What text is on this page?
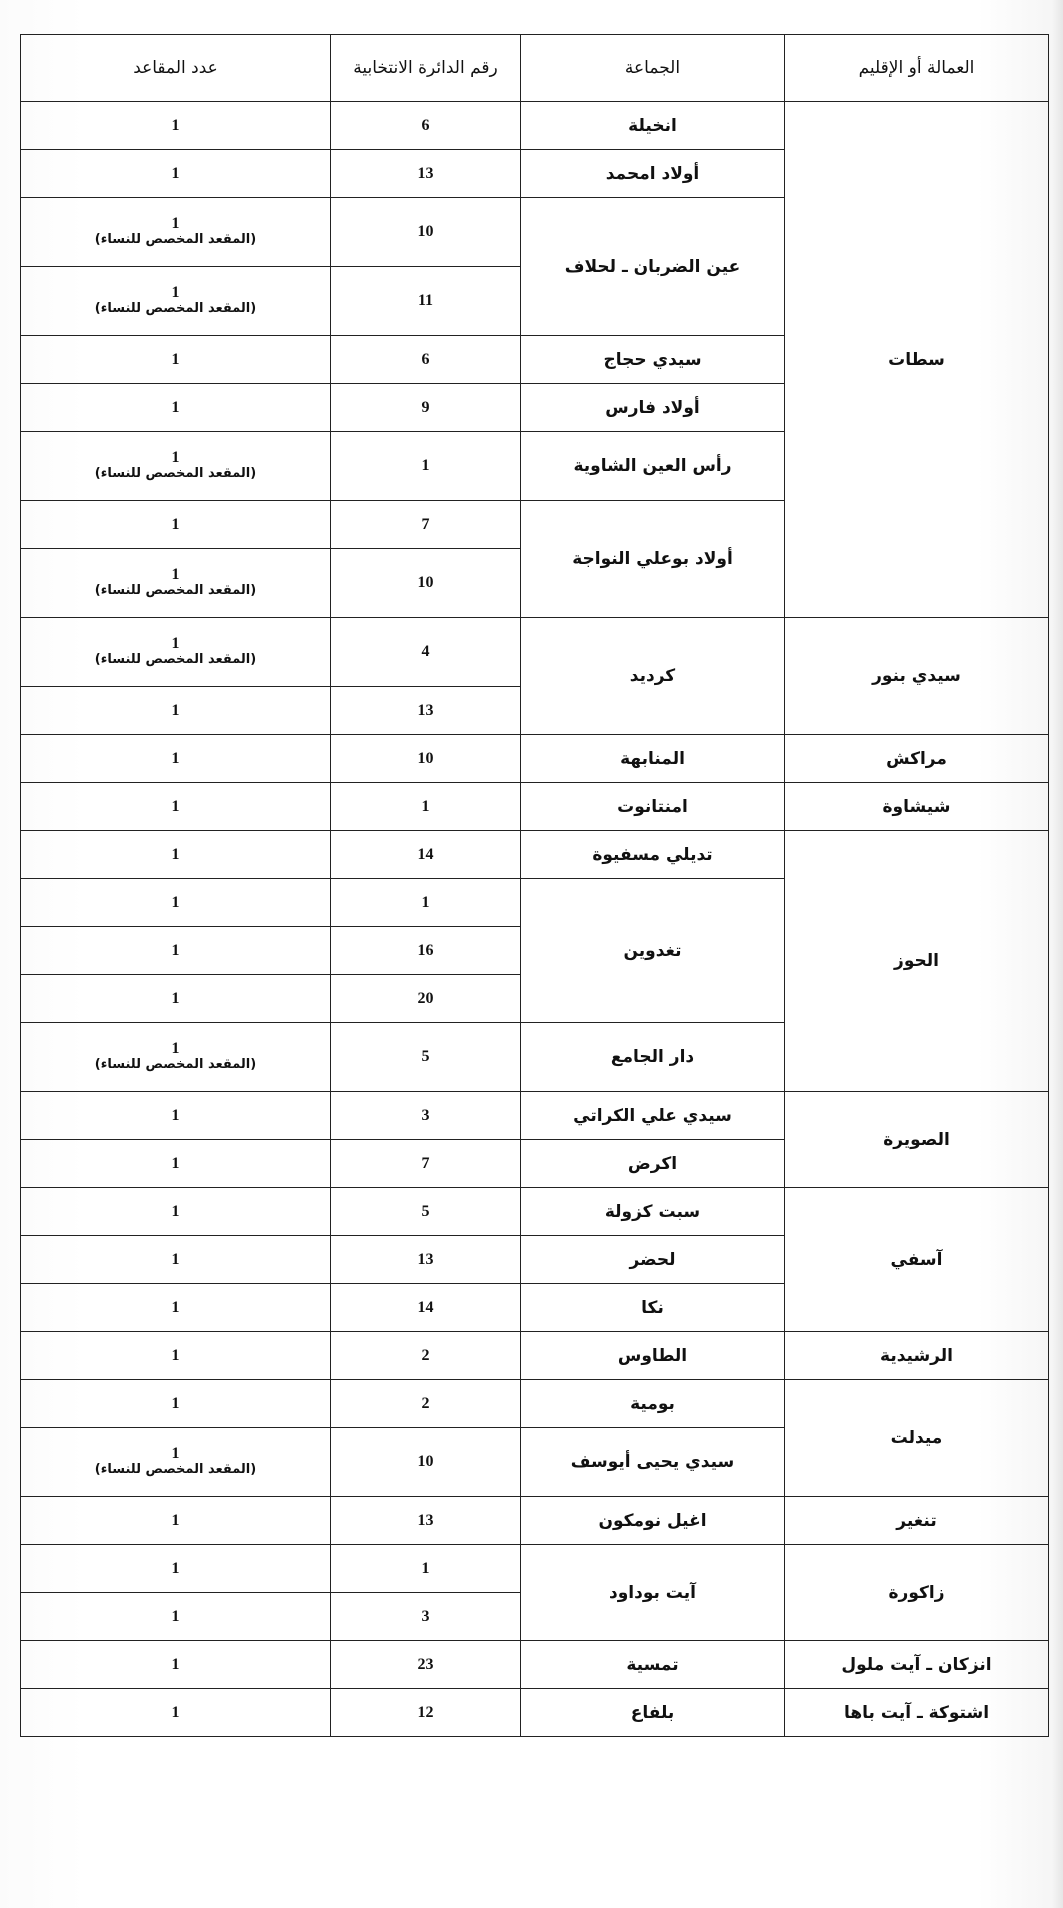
العمالة أو الإقليم	الجماعة	رقم الدائرة الانتخابية	عدد المقاعد
سطات	انخيلة	6	1

	أولاد امحمد	13	1

	عين الضربان ـ لحلاف	10	1
(المقعد المخصص للنساء)

		11	1
(المقعد المخصص للنساء)

	سيدي حجاج	6	1

	أولاد فارس	9	1

	رأس العين الشاوية	1	1
(المقعد المخصص للنساء)

	أولاد بوعلي النواجة	7	1

		10	1
(المقعد المخصص للنساء)

سيدي بنور	كرديد	4	1
(المقعد المخصص للنساء)

		13	1

مراكش	المنابهة	10	1

شيشاوة	امنتانوت	1	1

الحوز	تديلي مسفيوة	14	1

	تغدوين	1	1

		16	1

		20	1

	دار الجامع	5	1
(المقعد المخصص للنساء)

الصويرة	سيدي علي الكراتي	3	1

	اكرض	7	1

آسفي	سبت كزولة	5	1

	لحضر	13	1

	نكا	14	1

الرشيدية	الطاوس	2	1

ميدلت	بومية	2	1

	سيدي يحيى أيوسف	10	1
(المقعد المخصص للنساء)

تنغير	اغيل نومكون	13	1

زاكورة	آيت بوداود	1	1

		3	1

انزكان ـ آيت ملول	تمسية	23	1

اشتوكة ـ آيت باها	بلفاع	12	1
